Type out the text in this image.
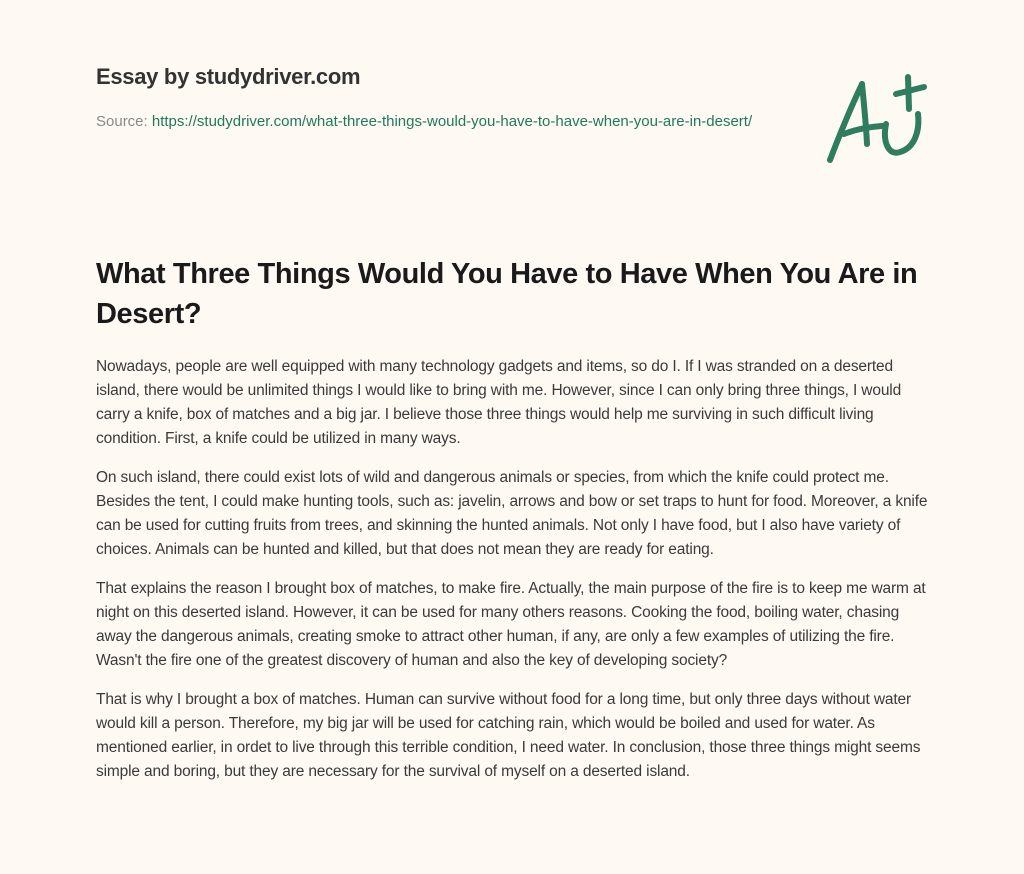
Essay by studydriver.com
Source: https://studydriver.com/what-three-things-would-you-have-to-have-when-you-are-in-desert/
What Three Things Would You Have to Have When You Are in Desert?

Nowadays, people are well equipped with many technology gadgets and items, so do I. If I was stranded on a deserted island, there would be unlimited things I would like to bring with me. However, since I can only bring three things, I would carry a knife, box of matches and a big jar. I believe those three things would help me surviving in such difficult living condition. First, a knife could be utilized in many ways.

On such island, there could exist lots of wild and dangerous animals or species, from which the knife could protect me. Besides the tent, I could make hunting tools, such as: javelin, arrows and bow or set traps to hunt for food. Moreover, a knife can be used for cutting fruits from trees, and skinning the hunted animals. Not only I have food, but I also have variety of choices. Animals can be hunted and killed, but that does not mean they are ready for eating.

That explains the reason I brought box of matches, to make fire. Actually, the main purpose of the fire is to keep me warm at night on this deserted island. However, it can be used for many others reasons. Cooking the food, boiling water, chasing away the dangerous animals, creating smoke to attract other human, if any, are only a few examples of utilizing the fire. Wasn't the fire one of the greatest discovery of human and also the key of developing society?

That is why I brought a box of matches. Human can survive without food for a long time, but only three days without water would kill a person. Therefore, my big jar will be used for catching rain, which would be boiled and used for water. As mentioned earlier, in ordet to live through this terrible condition, I need water. In conclusion, those three things might seems simple and boring, but they are necessary for the survival of myself on a deserted island.
